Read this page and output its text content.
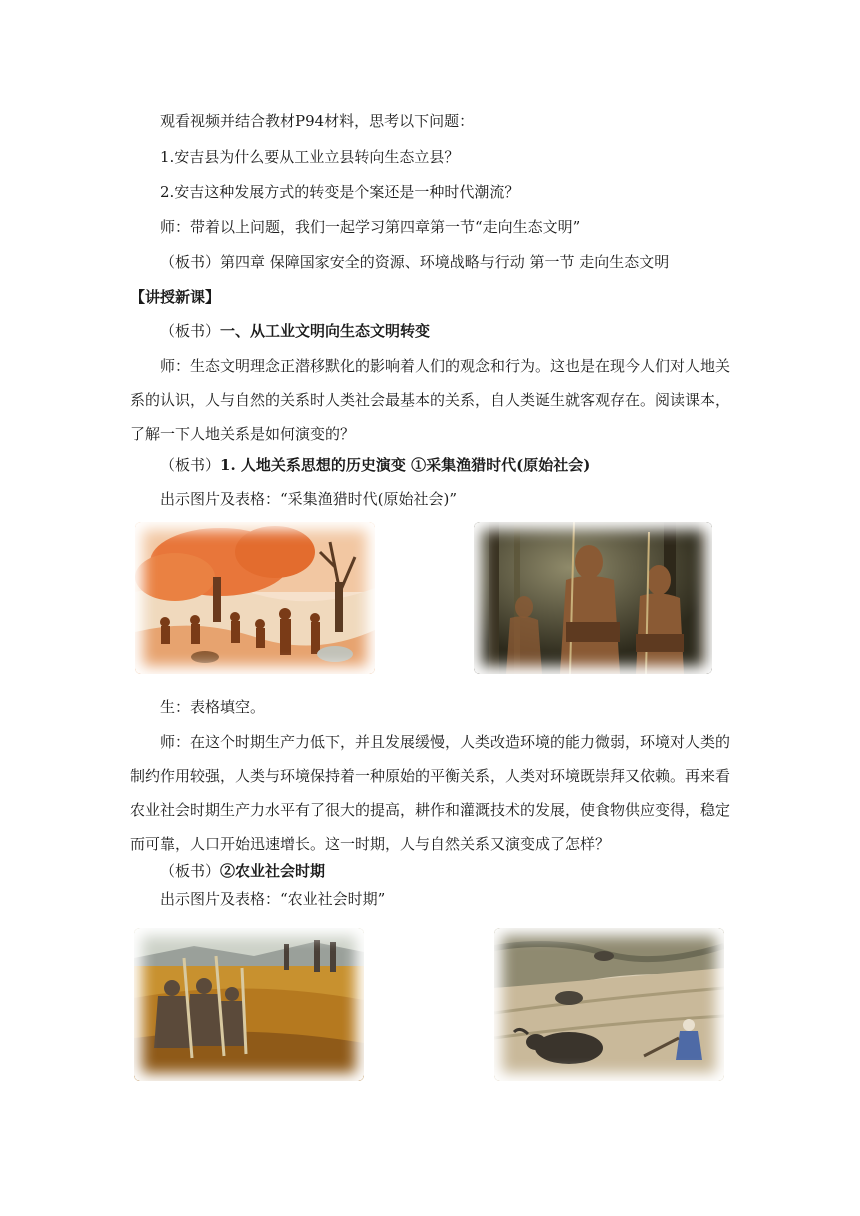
观看视频并结合教材P94材料，思考以下问题：

1.安吉县为什么要从工业立县转向生态立县？

2.安吉这种发展方式的转变是个案还是一种时代潮流？

师：带着以上问题，我们一起学习第四章第一节“走向生态文明”

（板书）第四章 保障国家安全的资源、环境战略与行动 第一节 走向生态文明

【讲授新课】

（板书）一、从工业文明向生态文明转变

师：生态文明理念正潜移默化的影响着人们的观念和行为。这也是在现今人们对人地关系的认识，人与自然的关系时人类社会最基本的关系，自人类诞生就客观存在。阅读课本，了解一下人地关系是如何演变的？

（板书）1. 人地关系思想的历史演变 ①采集渔猎时代(原始社会)

出示图片及表格：“采集渔猎时代(原始社会)”

生：表格填空。

师：在这个时期生产力低下，并且发展缓慢，人类改造环境的能力微弱，环境对人类的制约作用较强，人类与环境保持着一种原始的平衡关系，人类对环境既崇拜又依赖。再来看农业社会时期生产力水平有了很大的提高，耕作和灌溉技术的发展，使食物供应变得，稳定而可靠，人口开始迅速增长。这一时期，人与自然关系又演变成了怎样？

（板书）②农业社会时期

出示图片及表格：“农业社会时期”
